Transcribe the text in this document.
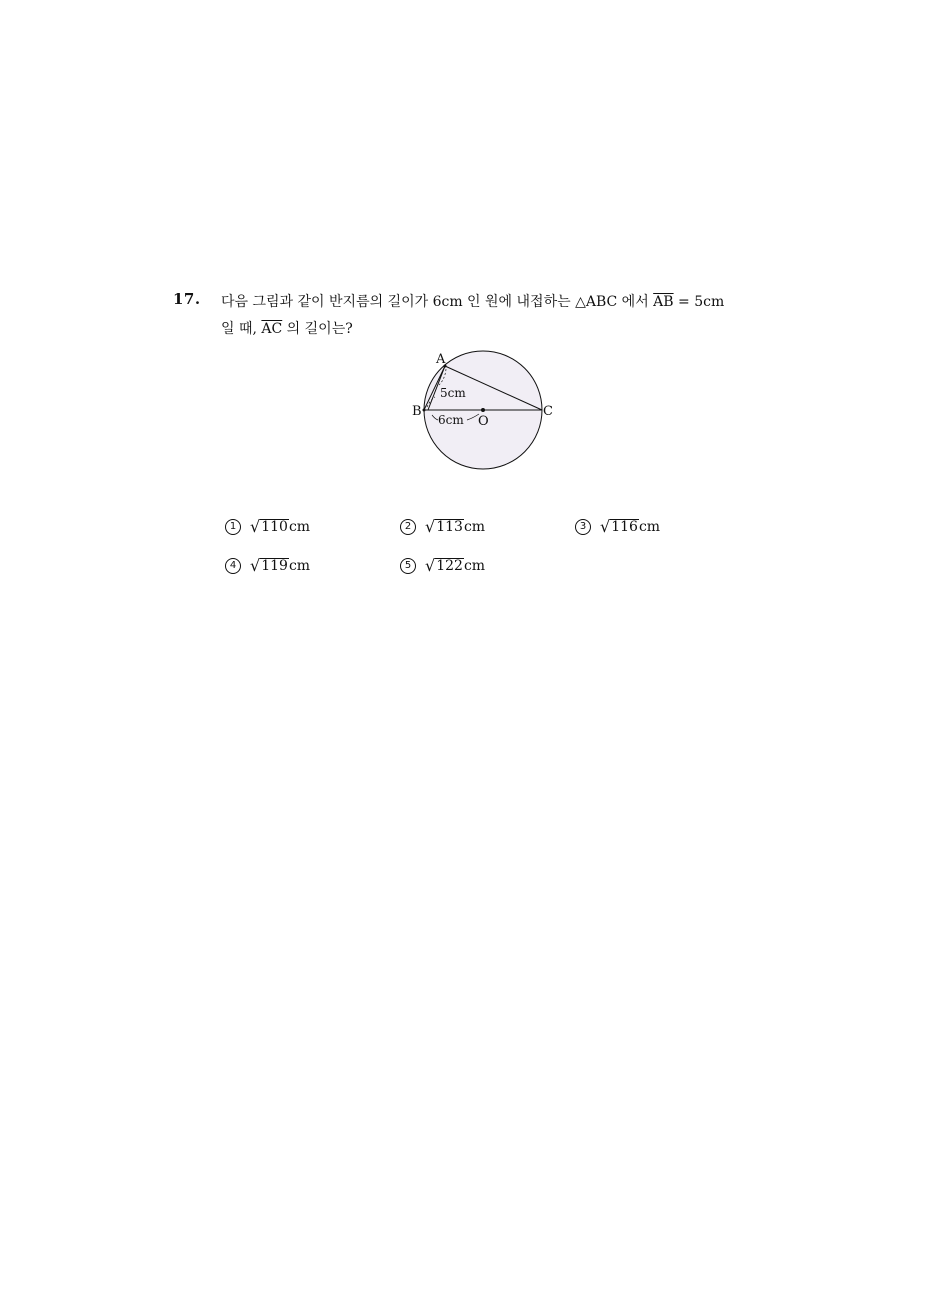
17. 다음 그림과 같이 반지름의 길이가 6cm 인 원에 내접하는 △ABC 에서 $\overline{AB} = 5cm$
일 때, $\overline{AC}$ 의 길이는?
A
B	C
O
5cm
6cm
1 √ 110 cm	2 √ 113 cm	3 √ 116 cm
4 √ 119 cm	5 √ 122 cm
